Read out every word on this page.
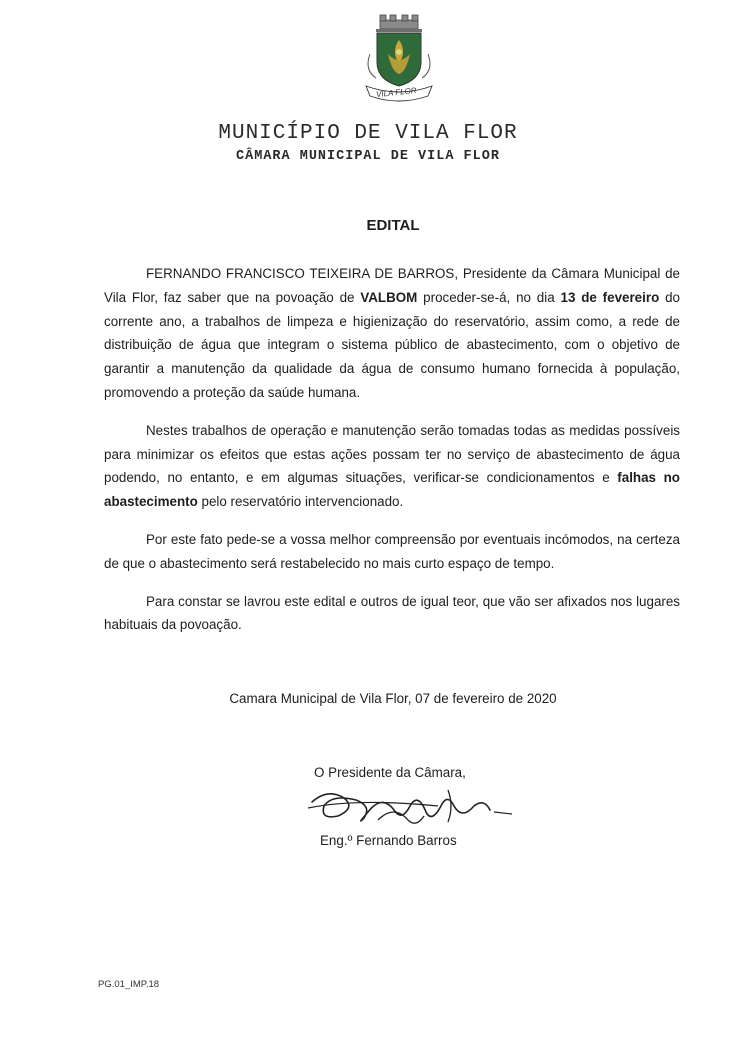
VILA FLOR
MUNICÍPIO DE VILA FLOR
CÂMARA MUNICIPAL DE VILA FLOR
EDITAL

FERNANDO FRANCISCO TEIXEIRA DE BARROS, Presidente da Câmara Municipal de Vila Flor, faz saber que na povoação de VALBOM proceder-se-á, no dia 13 de fevereiro do corrente ano, a trabalhos de limpeza e higienização do reservatório, assim como, a rede de distribuição de água que integram o sistema público de abastecimento, com o objetivo de garantir a manutenção da qualidade da água de consumo humano fornecida à população, promovendo a proteção da saúde humana.

Nestes trabalhos de operação e manutenção serão tomadas todas as medidas possíveis para minimizar os efeitos que estas ações possam ter no serviço de abastecimento de água podendo, no entanto, e em algumas situações, verificar-se condicionamentos e falhas no abastecimento pelo reservatório intervencionado.

Por este fato pede-se a vossa melhor compreensão por eventuais incómodos, na certeza de que o abastecimento será restabelecido no mais curto espaço de tempo.

Para constar se lavrou este edital e outros de igual teor, que vão ser afixados nos lugares habituais da povoação.

Camara Municipal de Vila Flor, 07 de fevereiro de 2020
O Presidente da Câmara,
Eng.º Fernando Barros
PG.01_IMP.18
